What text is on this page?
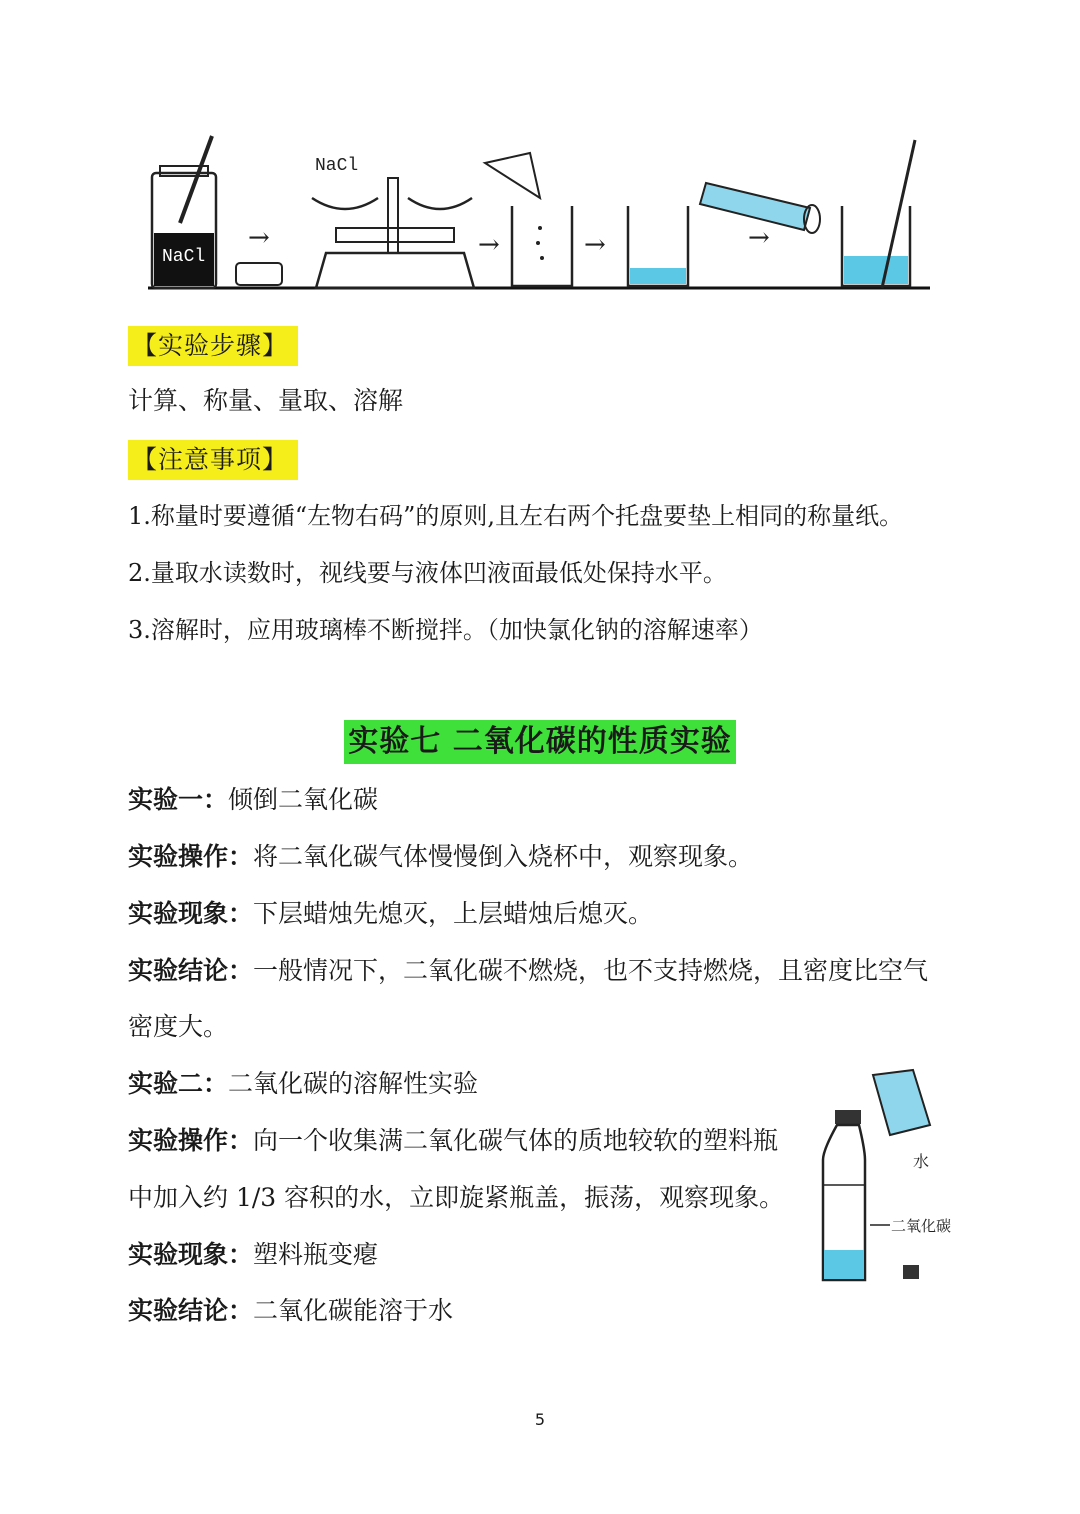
NaCl
→
NaCl
→	→	→
【实验步骤】
计算、称量、量取、溶解
【注意事项】
1.称量时要遵循“左物右码”的原则,且左右两个托盘要垫上相同的称量纸。
2.量取水读数时，视线要与液体凹液面最低处保持水平。
3.溶解时，应用玻璃棒不断搅拌。（加快氯化钠的溶解速率）
实验七 二氧化碳的性质实验
实验一：倾倒二氧化碳
实验操作：将二氧化碳气体慢慢倒入烧杯中，观察现象。
实验现象：下层蜡烛先熄灭，上层蜡烛后熄灭。
实验结论：一般情况下，二氧化碳不燃烧，也不支持燃烧，且密度比空气
密度大。
实验二：二氧化碳的溶解性实验
实验操作：向一个收集满二氧化碳气体的质地较软的塑料瓶
中加入约 1/3 容积的水，立即旋紧瓶盖，振荡，观察现象。
实验现象：塑料瓶变瘪
实验结论：二氧化碳能溶于水
水
二氧化碳
5
